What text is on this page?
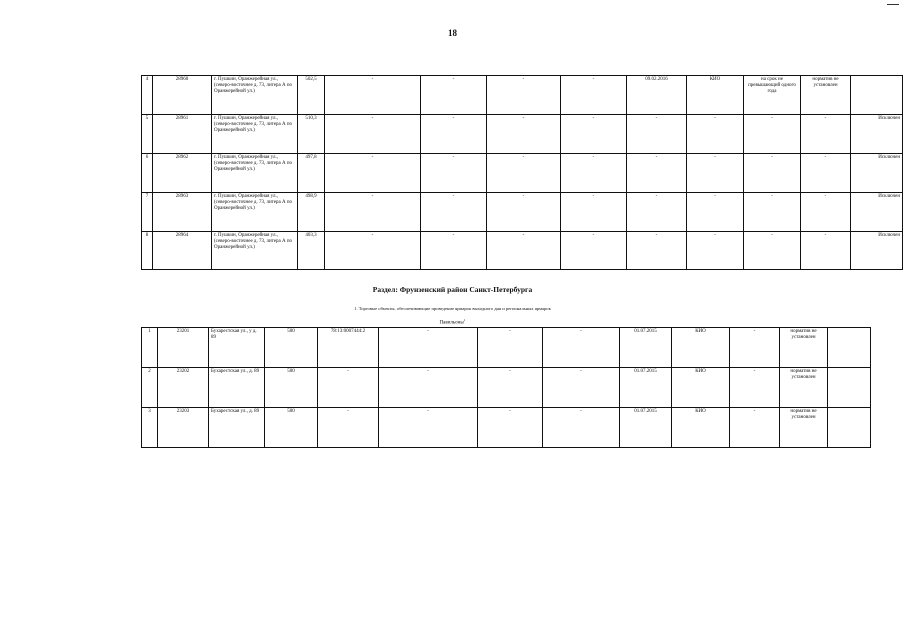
18
4	28960	г. Пушкин, Оранжерейная ул., (северо-восточнее д. 73, литера А по Оранжерейной ул.)	502,5	-	-	-	-	09.02.2016	КИО	на срок не превышающий одного года	норматив не установлен	
5	28961	г. Пушкин, Оранжерейная ул., (северо-восточнее д. 73, литера А по Оранжерейной ул.)	510,3	-	-	-	-	-	-	-	-	Исключен
6	28962	г. Пушкин, Оранжерейная ул., (северо-восточнее д. 73, литера А по Оранжерейной ул.)	497,8	-	-	-	-	-	-	-	-	Исключен
7	28963	г. Пушкин, Оранжерейная ул., (северо-восточнее д. 73, литера А по Оранжерейной ул.)	498,9	-	-	-	-	-	-	-	-	Исключен
8	28964	г. Пушкин, Оранжерейная ул., (северо-восточнее д. 73, литера А по Оранжерейной ул.)	403,3	-	-	-	-	-	-	-	-	Исключен
Раздел: Фрунзенский район Санкт-Петербурга
1. Торговые объекты, обеспечивающие проведение ярмарок выходного дня и региональных ярмарок
Павильоны$^1$
1	23201	Бухарестская ул., у д. 89	500	78:13:0007444:2	-	-	-	01.07.2015	КИО	-	норматив не установлен	
2	23202	Бухарестская ул., д. 89	500	-	-	-	-	01.07.2015	КИО	-	норматив не установлен	
3	23203	Бухарестская ул., д. 89	500	-	-	-	-	01.07.2015	КИО	-	норматив не установлен	
